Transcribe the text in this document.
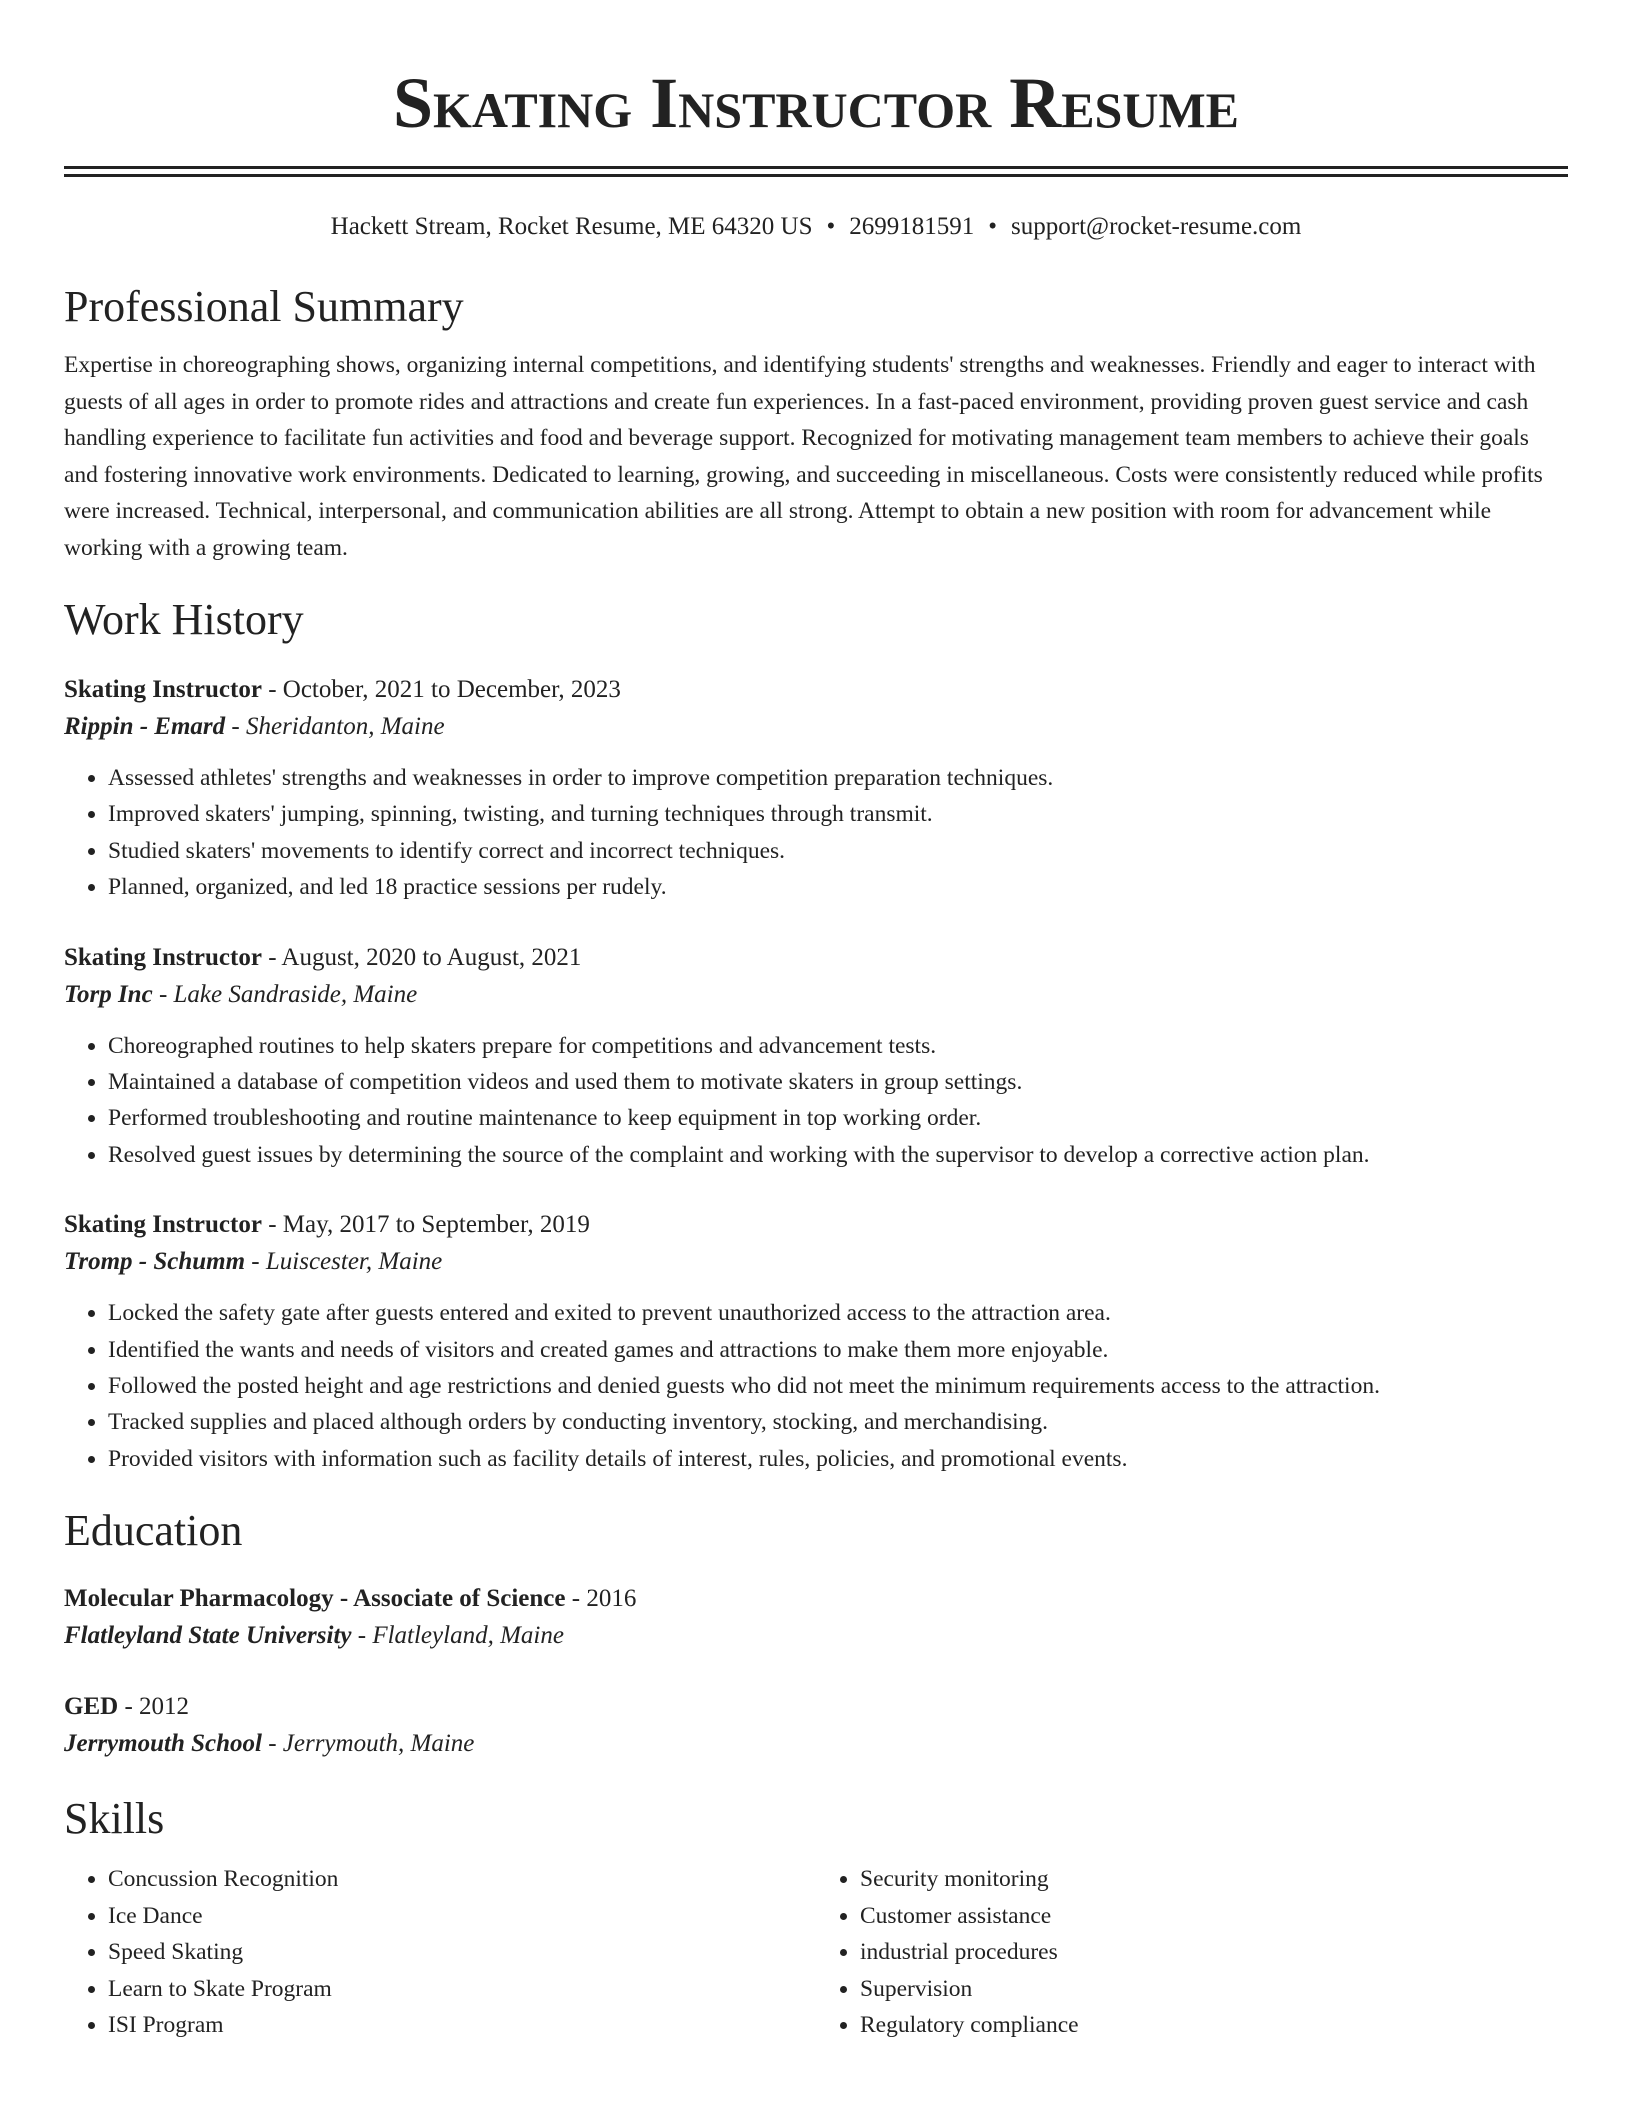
Skating Instructor Resume
Hackett Stream, Rocket Resume, ME 64320 US • 2699181591 • support@rocket-resume.com
Professional Summary

Expertise in choreographing shows, organizing internal competitions, and identifying students' strengths and weaknesses. Friendly and eager to interact with guests of all ages in order to promote rides and attractions and create fun experiences. In a fast-paced environment, providing proven guest service and cash handling experience to facilitate fun activities and food and beverage support. Recognized for motivating management team members to achieve their goals and fostering innovative work environments. Dedicated to learning, growing, and succeeding in miscellaneous. Costs were consistently reduced while profits were increased. Technical, interpersonal, and communication abilities are all strong. Attempt to obtain a new position with room for advancement while working with a growing team.

Work History
Skating Instructor - October, 2021 to December, 2023
Rippin - Emard - Sheridanton, Maine
• Assessed athletes' strengths and weaknesses in order to improve competition preparation techniques.
• Improved skaters' jumping, spinning, twisting, and turning techniques through transmit.
• Studied skaters' movements to identify correct and incorrect techniques.
• Planned, organized, and led 18 practice sessions per rudely.
Skating Instructor - August, 2020 to August, 2021
Torp Inc - Lake Sandraside, Maine
• Choreographed routines to help skaters prepare for competitions and advancement tests.
• Maintained a database of competition videos and used them to motivate skaters in group settings.
• Performed troubleshooting and routine maintenance to keep equipment in top working order.
• Resolved guest issues by determining the source of the complaint and working with the supervisor to develop a corrective action plan.
Skating Instructor - May, 2017 to September, 2019
Tromp - Schumm - Luiscester, Maine
• Locked the safety gate after guests entered and exited to prevent unauthorized access to the attraction area.
• Identified the wants and needs of visitors and created games and attractions to make them more enjoyable.
• Followed the posted height and age restrictions and denied guests who did not meet the minimum requirements access to the attraction.
• Tracked supplies and placed although orders by conducting inventory, stocking, and merchandising.
• Provided visitors with information such as facility details of interest, rules, policies, and promotional events.
Education
Molecular Pharmacology - Associate of Science - 2016
Flatleyland State University - Flatleyland, Maine
GED - 2012
Jerrymouth School - Jerrymouth, Maine
Skills
• Concussion Recognition
• Ice Dance
• Speed Skating
• Learn to Skate Program
• ISI Program
• Security monitoring
• Customer assistance
• industrial procedures
• Supervision
• Regulatory compliance
